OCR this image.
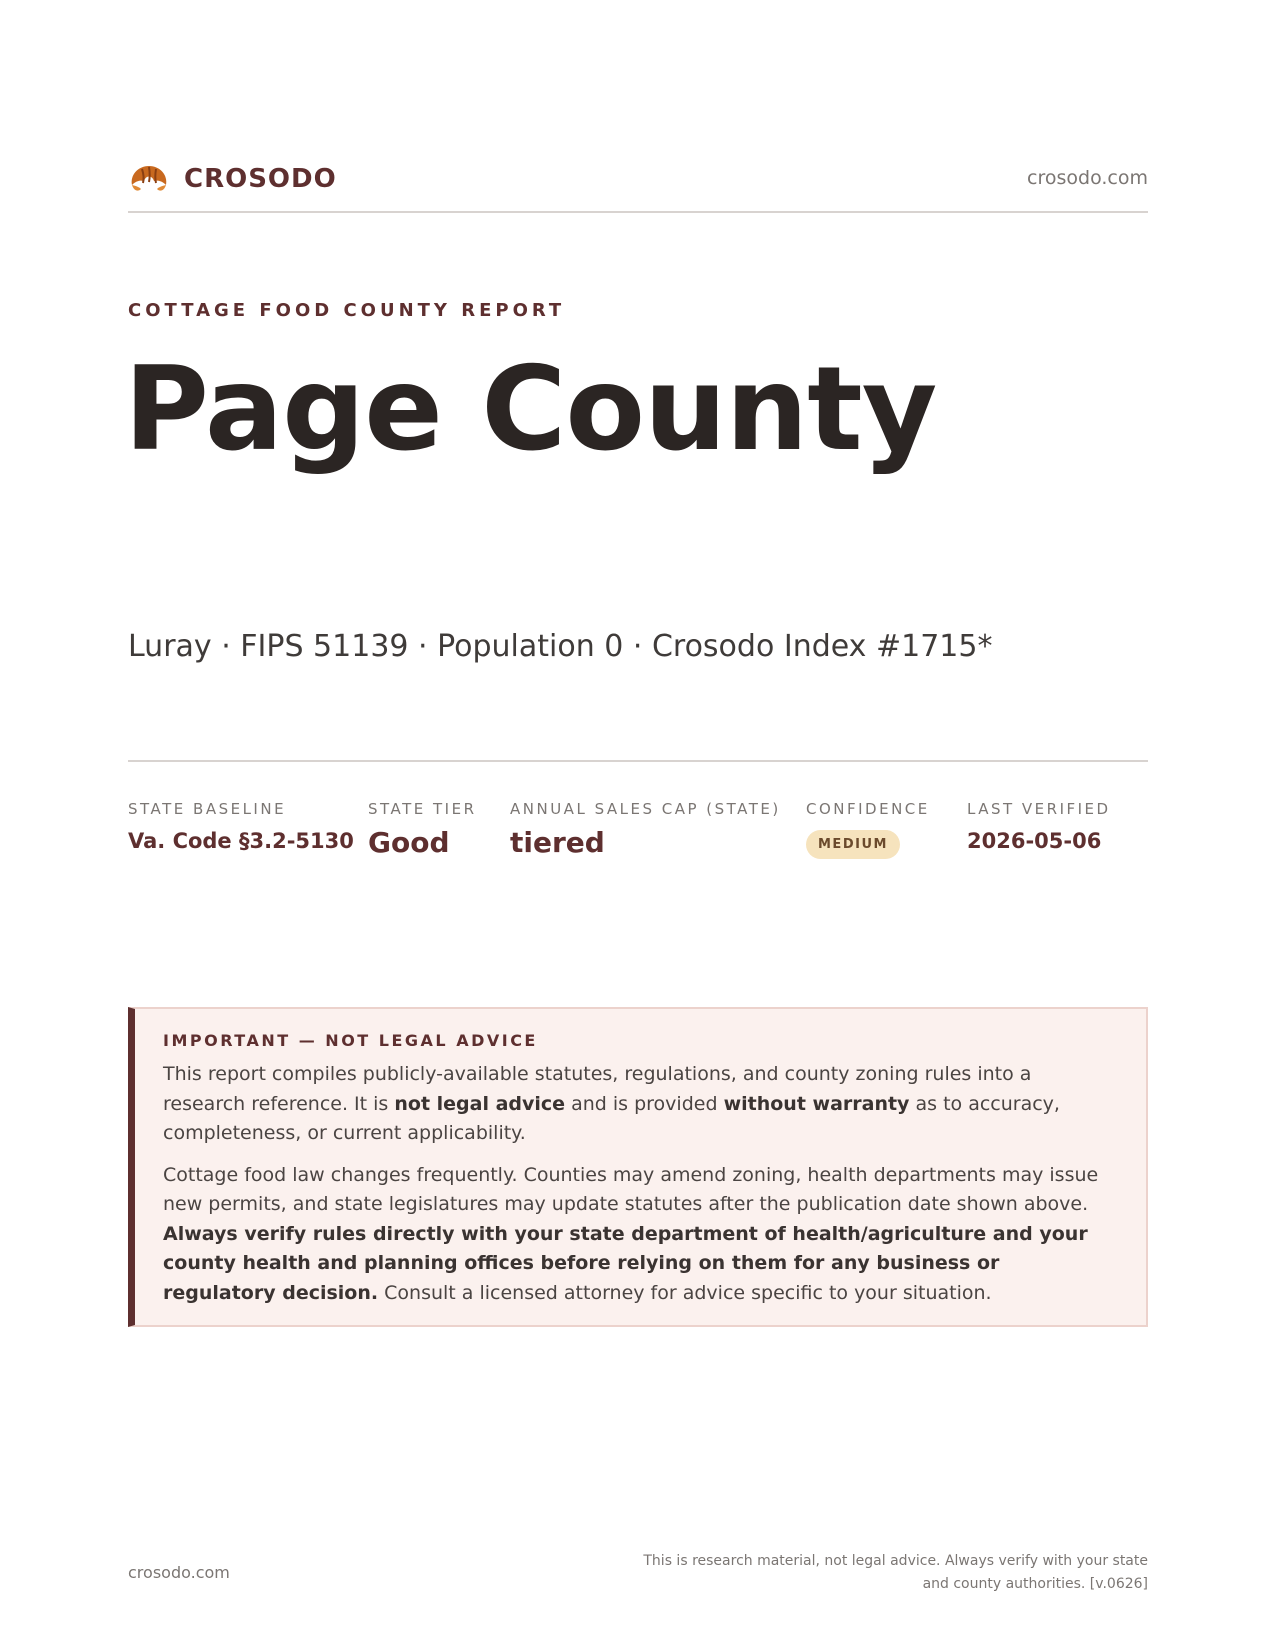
CROSODO	crosodo.com
COTTAGE FOOD COUNTY REPORT
Page County
Luray · FIPS 51139 · Population 0 · Crosodo Index #1715*
STATE BASELINE
Va. Code §3.2-5130
STATE TIER
Good
ANNUAL SALES CAP (STATE)
tiered
CONFIDENCE
MEDIUM
LAST VERIFIED
2026-05-06
IMPORTANT — NOT LEGAL ADVICE

This report compiles publicly-available statutes, regulations, and county zoning rules into a research reference. It is not legal advice and is provided without warranty as to accuracy, completeness, or current applicability.

Cottage food law changes frequently. Counties may amend zoning, health departments may issue new permits, and state legislatures may update statutes after the publication date shown above. Always verify rules directly with your state department of health/agriculture and your county health and planning offices before relying on them for any business or regulatory decision. Consult a licensed attorney for advice specific to your situation.

crosodo.com
This is research material, not legal advice. Always verify with your state
and county authorities. [v.0626]
